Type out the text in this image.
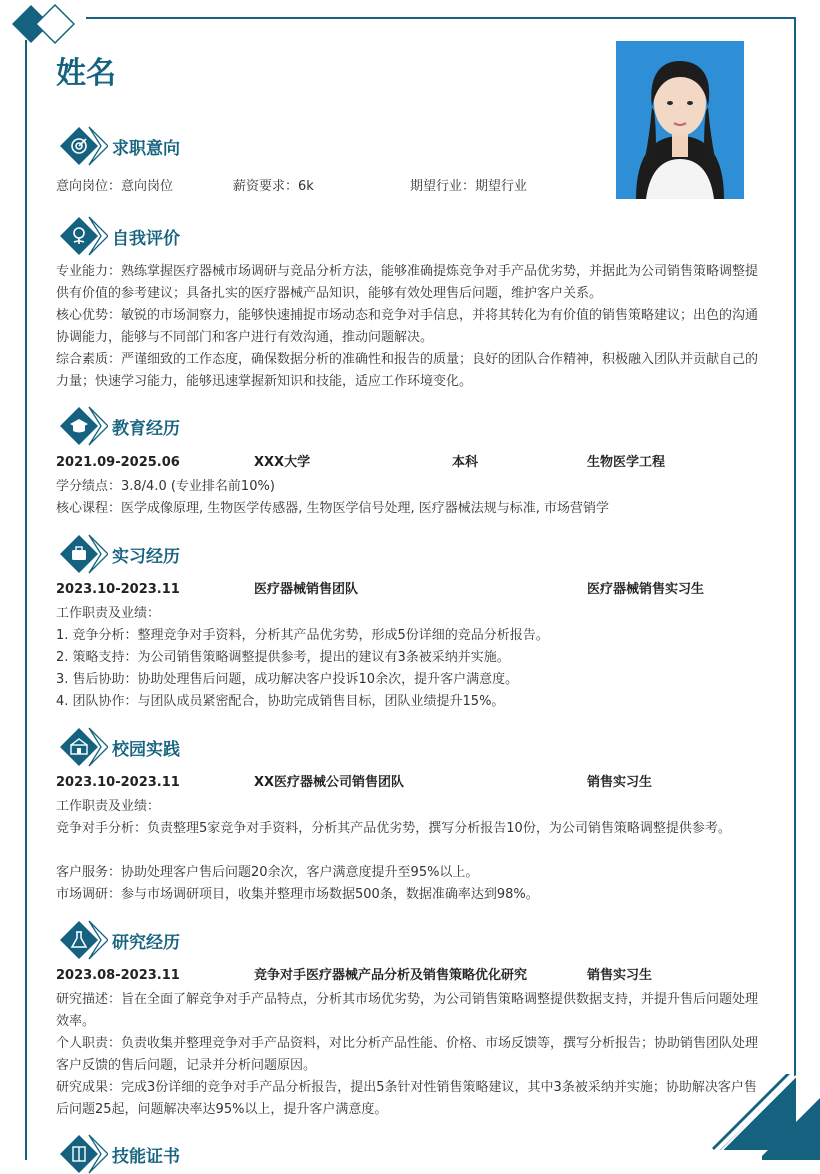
姓名
求职意向
意向岗位：意向岗位	薪资要求：6k	期望行业：期望行业
自我评价

专业能力：熟练掌握医疗器械市场调研与竞品分析方法，能够准确提炼竞争对手产品优劣势，并据此为公司销售策略调整提供有价值的参考建议；具备扎实的医疗器械产品知识，能够有效处理售后问题，维护客户关系。

核心优势：敏锐的市场洞察力，能够快速捕捉市场动态和竞争对手信息，并将其转化为有价值的销售策略建议；出色的沟通协调能力，能够与不同部门和客户进行有效沟通，推动问题解决。

综合素质：严谨细致的工作态度，确保数据分析的准确性和报告的质量；良好的团队合作精神，积极融入团队并贡献自己的力量；快速学习能力，能够迅速掌握新知识和技能，适应工作环境变化。

教育经历
2021.09-2025.06	XXX大学	本科	生物医学工程
学分绩点：3.8/4.0 (专业排名前10%)
核心课程：医学成像原理, 生物医学传感器, 生物医学信号处理, 医疗器械法规与标准, 市场营销学
实习经历
2023.10-2023.11	医疗器械销售团队	医疗器械销售实习生
工作职责及业绩：
1. 竞争分析：整理竞争对手资料，分析其产品优劣势，形成5份详细的竞品分析报告。
2. 策略支持：为公司销售策略调整提供参考，提出的建议有3条被采纳并实施。
3. 售后协助：协助处理售后问题，成功解决客户投诉10余次，提升客户满意度。
4. 团队协作：与团队成员紧密配合，协助完成销售目标，团队业绩提升15%。
校园实践
2023.10-2023.11	XX医疗器械公司销售团队	销售实习生
工作职责及业绩：

竞争对手分析：负责整理5家竞争对手资料，分析其产品优劣势，撰写分析报告10份，为公司销售策略调整提供参考。

客户服务：协助处理客户售后问题20余次，客户满意度提升至95%以上。
市场调研：参与市场调研项目，收集并整理市场数据500条，数据准确率达到98%。
研究经历
2023.08-2023.11	竞争对手医疗器械产品分析及销售策略优化研究	销售实习生

研究描述：旨在全面了解竞争对手产品特点，分析其市场优劣势，为公司销售策略调整提供数据支持，并提升售后问题处理效率。

个人职责：负责收集并整理竞争对手产品资料，对比分析产品性能、价格、市场反馈等，撰写分析报告；协助销售团队处理客户反馈的售后问题，记录并分析问题原因。

研究成果：完成3份详细的竞争对手产品分析报告，提出5条针对性销售策略建议，其中3条被采纳并实施；协助解决客户售后问题25起，问题解决率达95%以上，提升客户满意度。

技能证书
